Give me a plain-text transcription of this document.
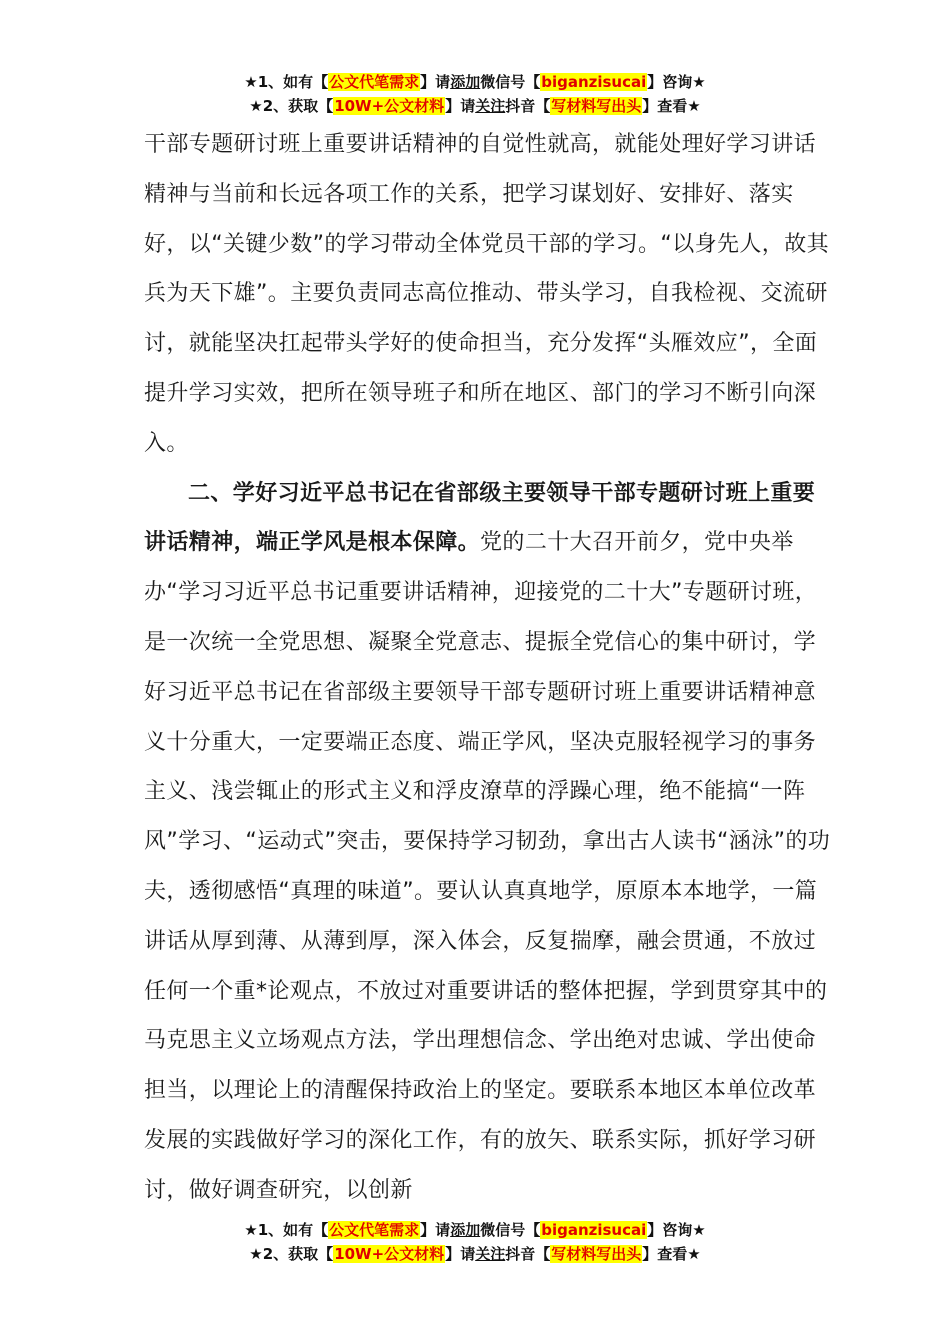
★1、如有【公文代笔需求】请添加微信号【biganzisucai】咨询★
★2、获取【10W+公文材料】请关注抖音【写材料写出头】查看★

干部专题研讨班上重要讲话精神的自觉性就高，就能处理好学习讲话精神与当前和长远各项工作的关系，把学习谋划好、安排好、落实好，以“关键少数”的学习带动全体党员干部的学习。“以身先人，故其兵为天下雄”。主要负责同志高位推动、带头学习，自我检视、交流研讨，就能坚决扛起带头学好的使命担当，充分发挥“头雁效应”，全面提升学习实效，把所在领导班子和所在地区、部门的学习不断引向深入。

二、学好习近平总书记在省部级主要领导干部专题研讨班上重要讲话精神，端正学风是根本保障。党的二十大召开前夕，党中央举办“学习习近平总书记重要讲话精神，迎接党的二十大”专题研讨班，是一次统一全党思想、凝聚全党意志、提振全党信心的集中研讨，学好习近平总书记在省部级主要领导干部专题研讨班上重要讲话精神意义十分重大，一定要端正态度、端正学风，坚决克服轻视学习的事务主义、浅尝辄止的形式主义和浮皮潦草的浮躁心理，绝不能搞“一阵风”学习、“运动式”突击，要保持学习韧劲，拿出古人读书“涵泳”的功夫，透彻感悟“真理的味道”。要认认真真地学，原原本本地学，一篇讲话从厚到薄、从薄到厚，深入体会，反复揣摩，融会贯通，不放过任何一个重*论观点，不放过对重要讲话的整体把握，学到贯穿其中的马克思主义立场观点方法，学出理想信念、学出绝对忠诚、学出使命担当，以理论上的清醒保持政治上的坚定。要联系本地区本单位改革发展的实践做好学习的深化工作，有的放矢、联系实际，抓好学习研讨，做好调查研究，以创新

★1、如有【公文代笔需求】请添加微信号【biganzisucai】咨询★
★2、获取【10W+公文材料】请关注抖音【写材料写出头】查看★
